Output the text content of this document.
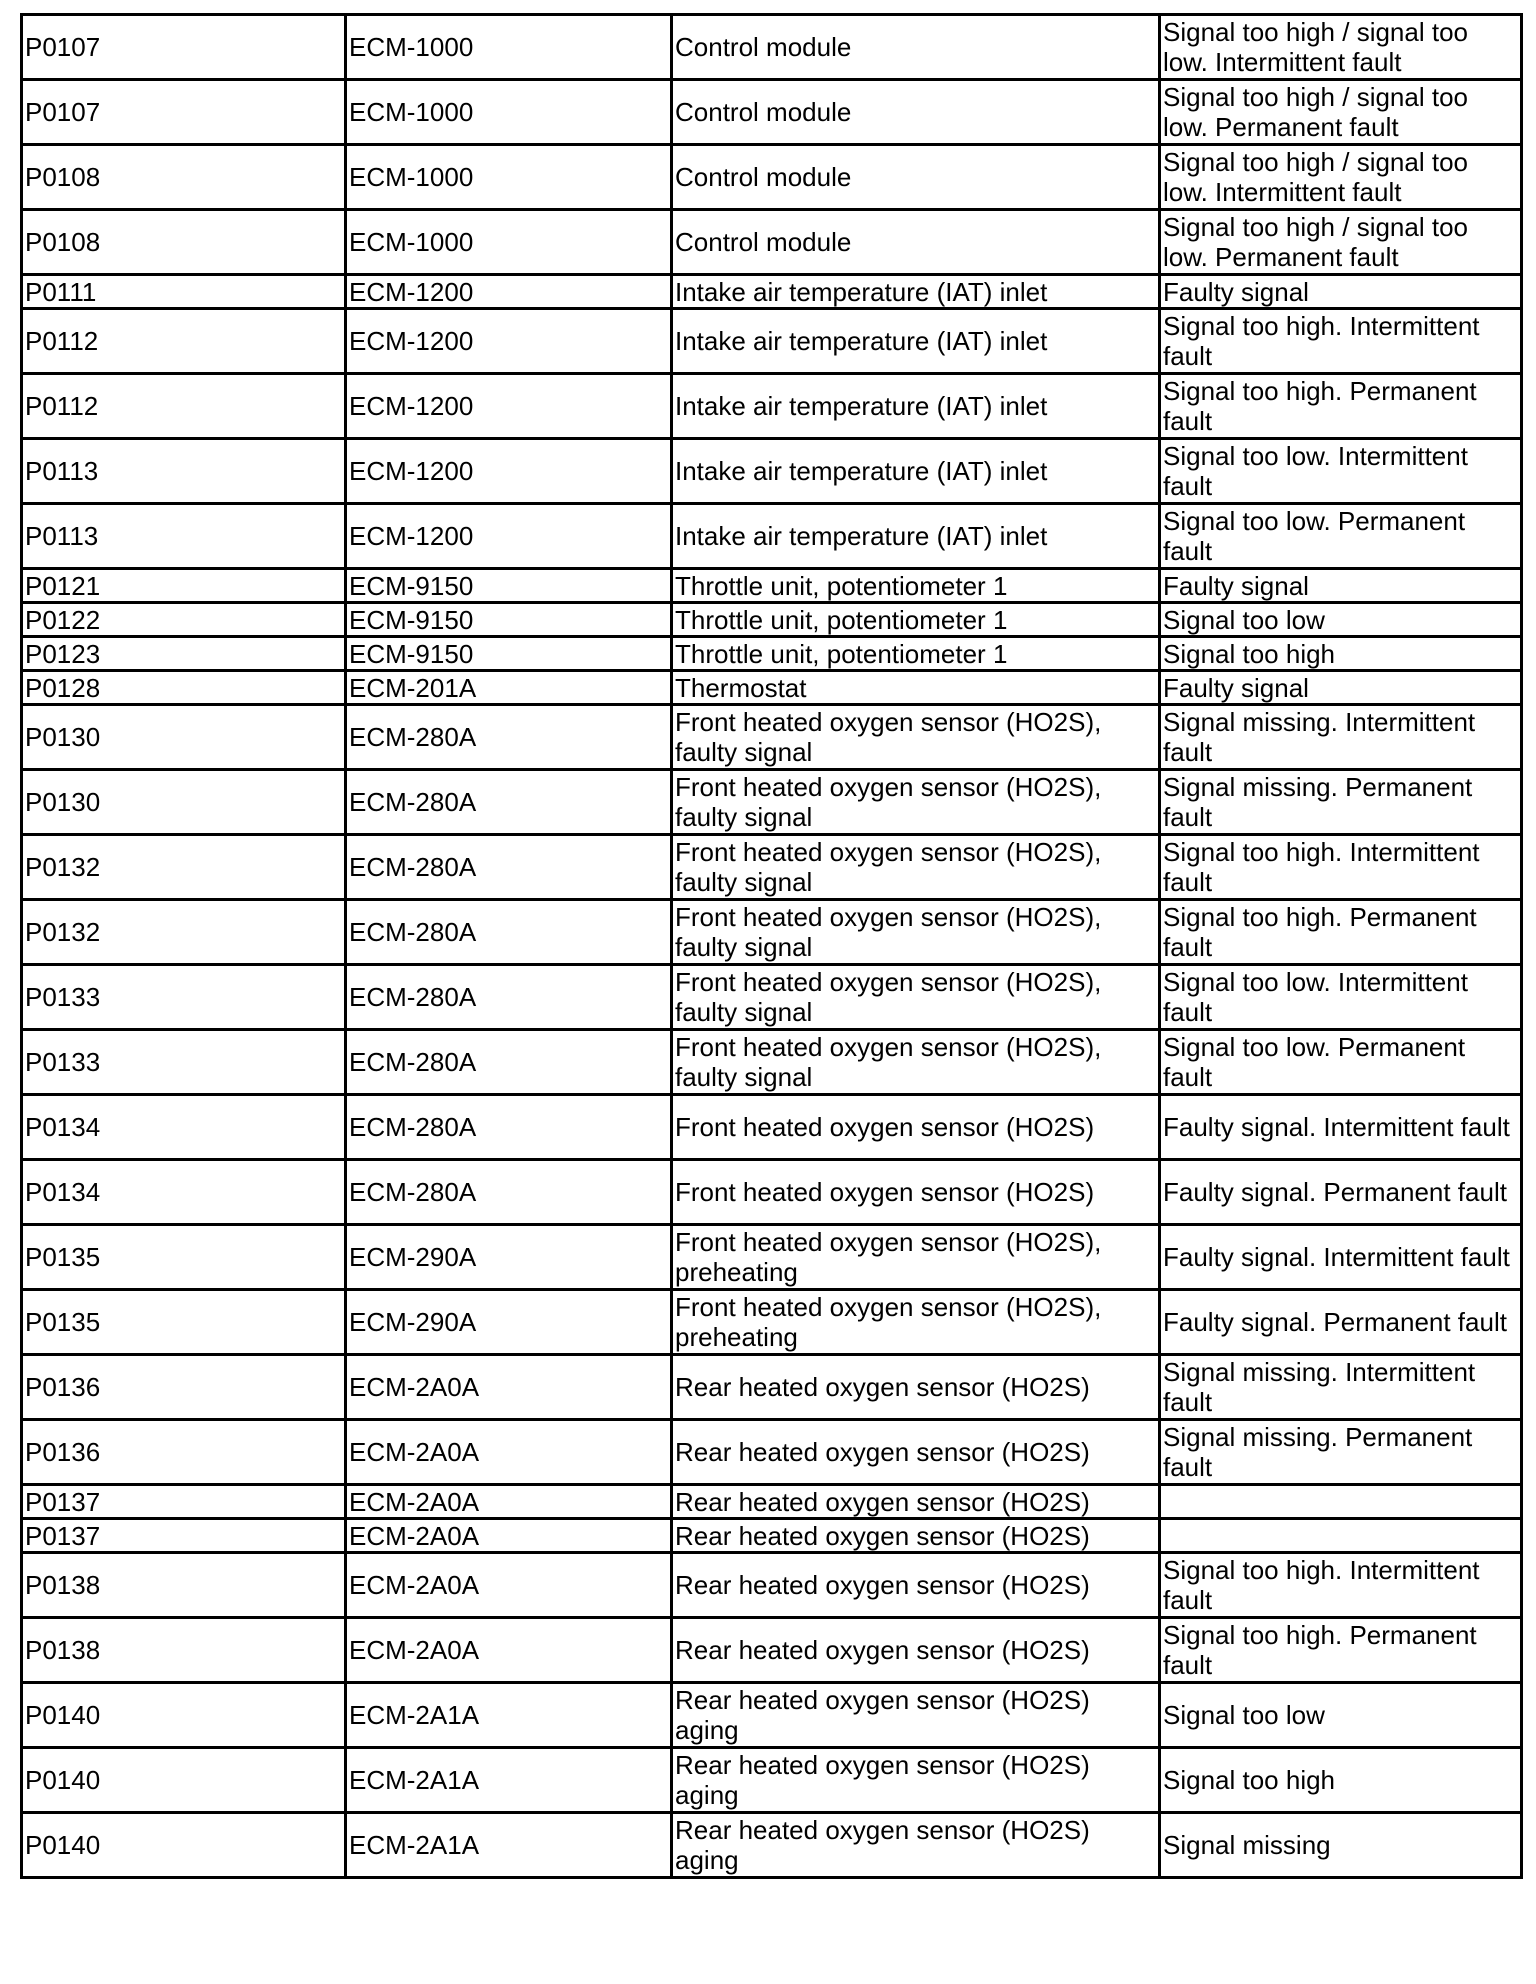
P0107	ECM-1000	Control module	Signal too high / signal too low. Intermittent fault
P0107	ECM-1000	Control module	Signal too high / signal too low. Permanent fault
P0108	ECM-1000	Control module	Signal too high / signal too low. Intermittent fault
P0108	ECM-1000	Control module	Signal too high / signal too low. Permanent fault
P0111	ECM-1200	Intake air temperature (IAT) inlet	Faulty signal
P0112	ECM-1200	Intake air temperature (IAT) inlet	Signal too high. Intermittent fault
P0112	ECM-1200	Intake air temperature (IAT) inlet	Signal too high. Permanent fault
P0113	ECM-1200	Intake air temperature (IAT) inlet	Signal too low. Intermittent fault
P0113	ECM-1200	Intake air temperature (IAT) inlet	Signal too low. Permanent fault
P0121	ECM-9150	Throttle unit, potentiometer 1	Faulty signal
P0122	ECM-9150	Throttle unit, potentiometer 1	Signal too low
P0123	ECM-9150	Throttle unit, potentiometer 1	Signal too high
P0128	ECM-201A	Thermostat	Faulty signal
P0130	ECM-280A	Front heated oxygen sensor (HO2S), faulty signal	Signal missing. Intermittent fault
P0130	ECM-280A	Front heated oxygen sensor (HO2S), faulty signal	Signal missing. Permanent fault
P0132	ECM-280A	Front heated oxygen sensor (HO2S), faulty signal	Signal too high. Intermittent fault
P0132	ECM-280A	Front heated oxygen sensor (HO2S), faulty signal	Signal too high. Permanent fault
P0133	ECM-280A	Front heated oxygen sensor (HO2S), faulty signal	Signal too low. Intermittent fault
P0133	ECM-280A	Front heated oxygen sensor (HO2S), faulty signal	Signal too low. Permanent fault
P0134	ECM-280A	Front heated oxygen sensor (HO2S)	Faulty signal. Intermittent fault
P0134	ECM-280A	Front heated oxygen sensor (HO2S)	Faulty signal. Permanent fault
P0135	ECM-290A	Front heated oxygen sensor (HO2S), preheating	Faulty signal. Intermittent fault
P0135	ECM-290A	Front heated oxygen sensor (HO2S), preheating	Faulty signal. Permanent fault
P0136	ECM-2A0A	Rear heated oxygen sensor (HO2S)	Signal missing. Intermittent fault
P0136	ECM-2A0A	Rear heated oxygen sensor (HO2S)	Signal missing. Permanent fault
P0137	ECM-2A0A	Rear heated oxygen sensor (HO2S)	
P0137	ECM-2A0A	Rear heated oxygen sensor (HO2S)	
P0138	ECM-2A0A	Rear heated oxygen sensor (HO2S)	Signal too high. Intermittent fault
P0138	ECM-2A0A	Rear heated oxygen sensor (HO2S)	Signal too high. Permanent fault
P0140	ECM-2A1A	Rear heated oxygen sensor (HO2S) aging	Signal too low
P0140	ECM-2A1A	Rear heated oxygen sensor (HO2S) aging	Signal too high
P0140	ECM-2A1A	Rear heated oxygen sensor (HO2S) aging	Signal missing
